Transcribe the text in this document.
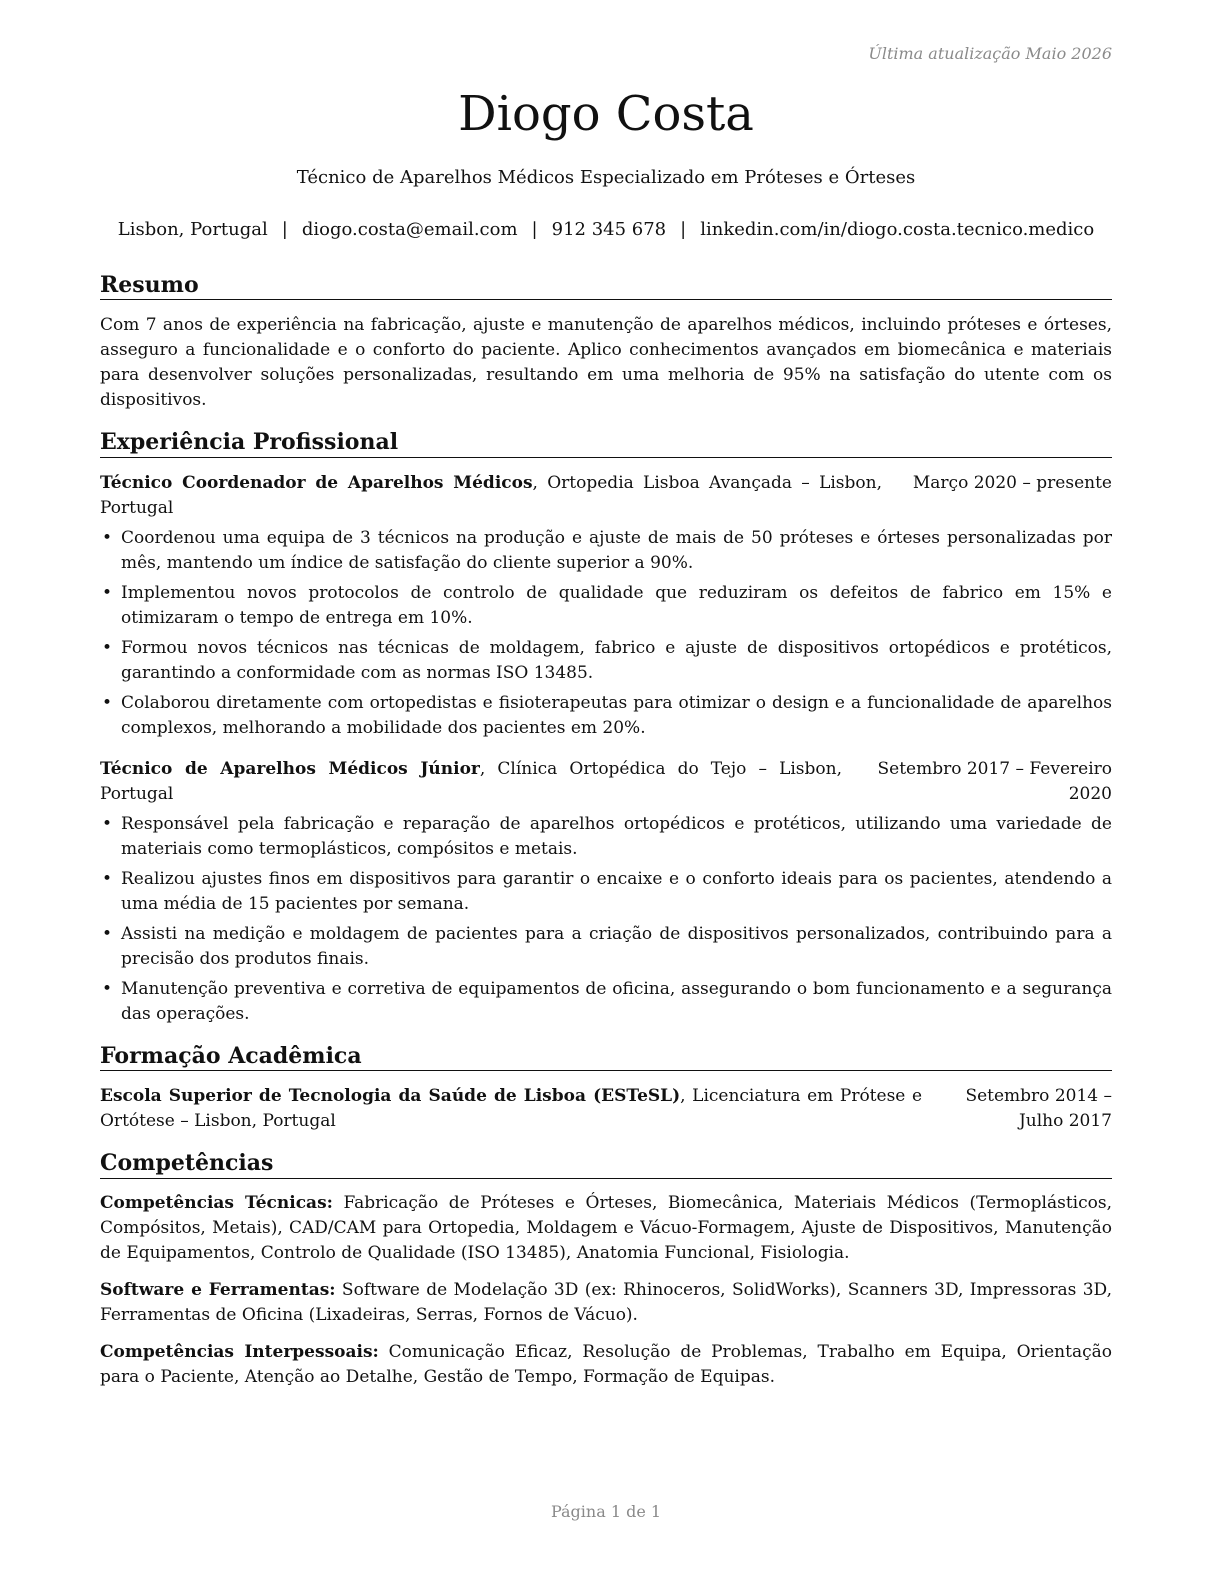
Última atualização Maio 2026
Diogo Costa
Técnico de Aparelhos Médicos Especializado em Próteses e Órteses
Lisbon, Portugal | diogo.costa@email.com | 912 345 678 | linkedin.com/in/diogo.costa.tecnico.medico
Resumo

Com 7 anos de experiência na fabricação, ajuste e manutenção de aparelhos médicos, incluindo próteses e órteses, asseguro a funcionalidade e o conforto do paciente. Aplico conhecimentos avançados em biomecânica e materiais para desenvolver soluções personalizadas, resultando em uma melhoria de 95% na satisfação do utente com os dispositivos.

Experiência Profissional
Técnico Coordenador de Aparelhos Médicos, Ortopedia Lisboa Avançada – Lisbon, Portugal
Março 2020 – presente
• Coordenou uma equipa de 3 técnicos na produção e ajuste de mais de 50 próteses e órteses personalizadas por mês, mantendo um índice de satisfação do cliente superior a 90%.
• Implementou novos protocolos de controlo de qualidade que reduziram os defeitos de fabrico em 15% e otimizaram o tempo de entrega em 10%.
• Formou novos técnicos nas técnicas de moldagem, fabrico e ajuste de dispositivos ortopédicos e protéticos, garantindo a conformidade com as normas ISO 13485.
• Colaborou diretamente com ortopedistas e fisioterapeutas para otimizar o design e a funcionalidade de aparelhos complexos, melhorando a mobilidade dos pacientes em 20%.
Técnico de Aparelhos Médicos Júnior, Clínica Ortopédica do Tejo – Lisbon, Portugal
Setembro 2017 – Fevereiro 2020
• Responsável pela fabricação e reparação de aparelhos ortopédicos e protéticos, utilizando uma variedade de materiais como termoplásticos, compósitos e metais.
• Realizou ajustes finos em dispositivos para garantir o encaixe e o conforto ideais para os pacientes, atendendo a uma média de 15 pacientes por semana.
• Assisti na medição e moldagem de pacientes para a criação de dispositivos personalizados, contribuindo para a precisão dos produtos finais.
• Manutenção preventiva e corretiva de equipamentos de oficina, assegurando o bom funcionamento e a segurança das operações.
Formação Acadêmica
Escola Superior de Tecnologia da Saúde de Lisboa (ESTeSL), Licenciatura em Prótese e Ortótese – Lisbon, Portugal
Setembro 2014 – Julho 2017
Competências

Competências Técnicas: Fabricação de Próteses e Órteses, Biomecânica, Materiais Médicos (Termoplásticos, Compósitos, Metais), CAD/CAM para Ortopedia, Moldagem e Vácuo-Formagem, Ajuste de Dispositivos, Manutenção de Equipamentos, Controlo de Qualidade (ISO 13485), Anatomia Funcional, Fisiologia.

Software e Ferramentas: Software de Modelação 3D (ex: Rhinoceros, SolidWorks), Scanners 3D, Impressoras 3D, Ferramentas de Oficina (Lixadeiras, Serras, Fornos de Vácuo).

Competências Interpessoais: Comunicação Eficaz, Resolução de Problemas, Trabalho em Equipa, Orientação para o Paciente, Atenção ao Detalhe, Gestão de Tempo, Formação de Equipas.

Página 1 de 1
